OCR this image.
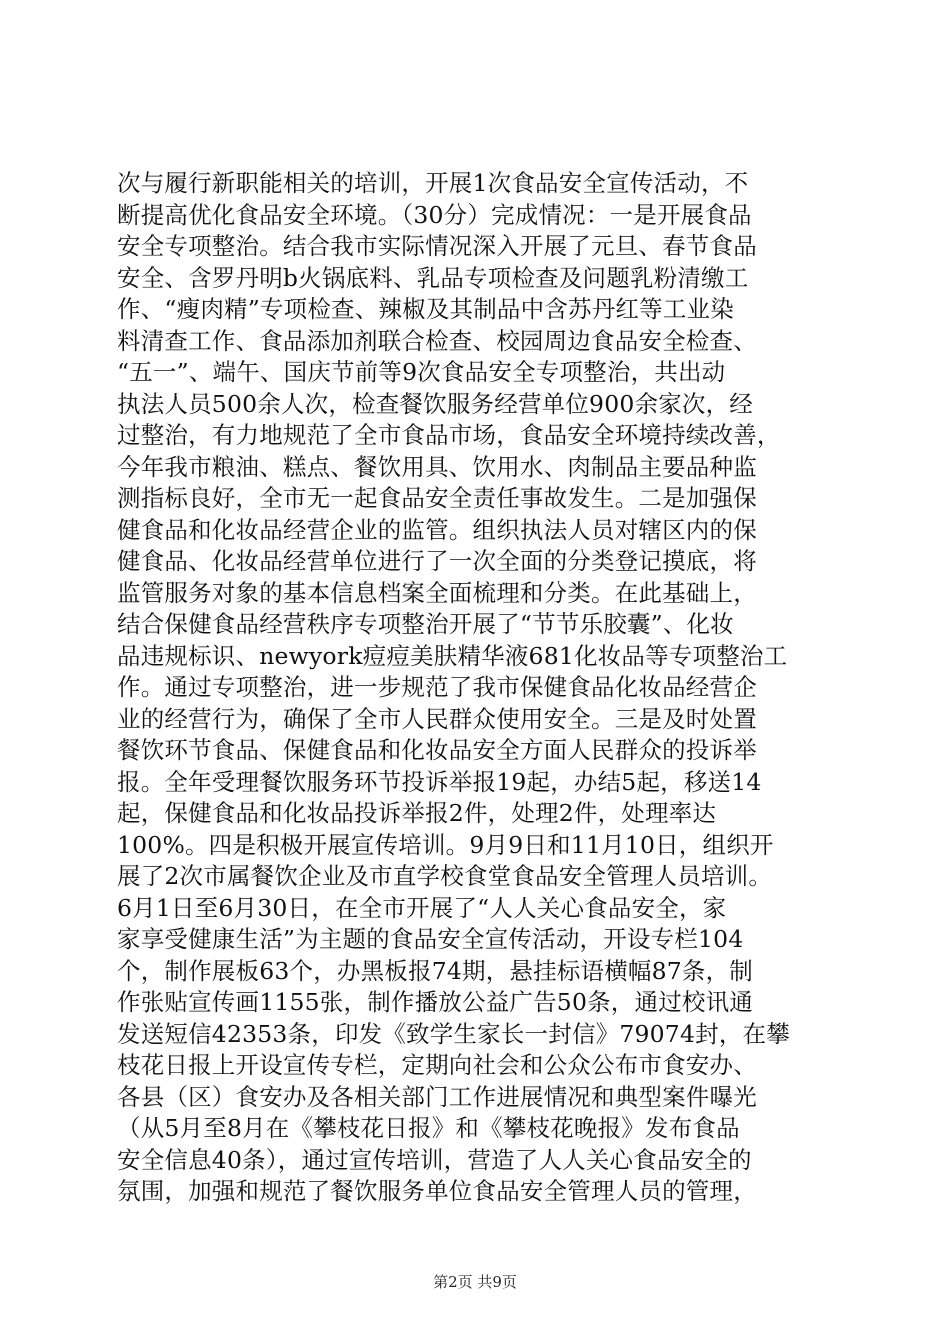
次与履行新职能相关的培训，开展1次食品安全宣传活动，不
断提高优化食品安全环境。（30分）完成情况：一是开展食品
安全专项整治。结合我市实际情况深入开展了元旦、春节食品
安全、含罗丹明b火锅底料、乳品专项检查及问题乳粉清缴工
作、“瘦肉精”专项检查、辣椒及其制品中含苏丹红等工业染
料清查工作、食品添加剂联合检查、校园周边食品安全检查、
“五一”、端午、国庆节前等9次食品安全专项整治，共出动
执法人员500余人次，检查餐饮服务经营单位900余家次，经
过整治，有力地规范了全市食品市场，食品安全环境持续改善，
今年我市粮油、糕点、餐饮用具、饮用水、肉制品主要品种监
测指标良好，全市无一起食品安全责任事故发生。二是加强保
健食品和化妆品经营企业的监管。组织执法人员对辖区内的保
健食品、化妆品经营单位进行了一次全面的分类登记摸底，将
监管服务对象的基本信息档案全面梳理和分类。在此基础上，
结合保健食品经营秩序专项整治开展了“节节乐胶囊”、化妆
品违规标识、newyork痘痘美肤精华液681化妆品等专项整治工
作。通过专项整治，进一步规范了我市保健食品化妆品经营企
业的经营行为，确保了全市人民群众使用安全。三是及时处置
餐饮环节食品、保健食品和化妆品安全方面人民群众的投诉举
报。全年受理餐饮服务环节投诉举报19起，办结5起，移送14
起，保健食品和化妆品投诉举报2件，处理2件，处理率达
100%。四是积极开展宣传培训。9月9日和11月10日，组织开
展了2次市属餐饮企业及市直学校食堂食品安全管理人员培训。
6月1日至6月30日，在全市开展了“人人关心食品安全，家
家享受健康生活”为主题的食品安全宣传活动，开设专栏104
个，制作展板63个，办黑板报74期，悬挂标语横幅87条，制
作张贴宣传画1155张，制作播放公益广告50条，通过校讯通
发送短信42353条，印发《致学生家长一封信》79074封，在攀
枝花日报上开设宣传专栏，定期向社会和公众公布市食安办、
各县（区）食安办及各相关部门工作进展情况和典型案件曝光
（从5月至8月在《攀枝花日报》和《攀枝花晚报》发布食品
安全信息40条），通过宣传培训，营造了人人关心食品安全的
氛围，加强和规范了餐饮服务单位食品安全管理人员的管理，
第2页 共9页
